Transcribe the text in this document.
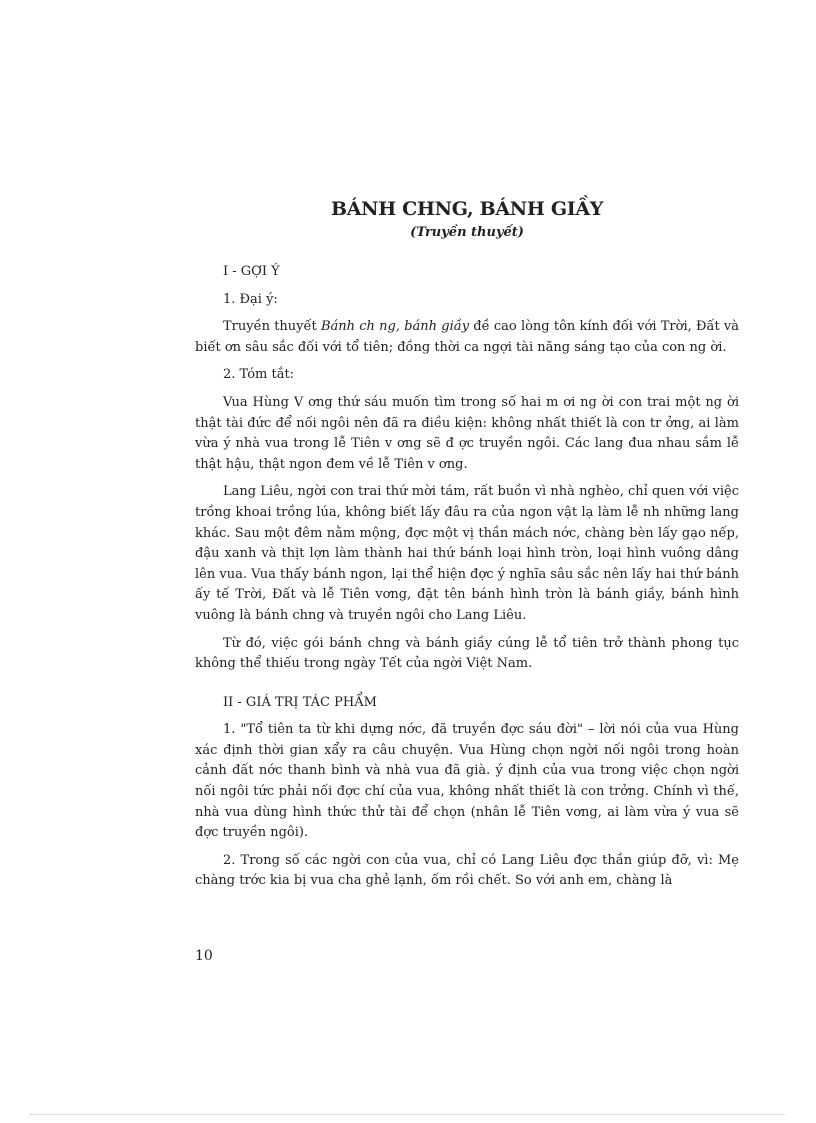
BÁNH CHNG, BÁNH GIẦY
(Truyền thuyết)
I - GỢI Ý
1. Đại ý:

Truyền thuyết Bánh ch ng, bánh giầy đề cao lòng tôn kính đối với Trời, Đất và biết ơn sâu sắc đối với tổ tiên; đồng thời ca ngợi tài năng sáng tạo của con ng ời.

2. Tóm tắt:

Vua Hùng V ơng thứ sáu muốn tìm trong số hai m ơi ng ời con trai một ng ời thật tài đức để nối ngôi nên đã ra điều kiện: không nhất thiết là con tr ởng, ai làm vừa ý nhà vua trong lễ Tiên v ơng sẽ đ ợc truyền ngôi. Các lang đua nhau sắm lễ thật hậu, thật ngon đem về lễ Tiên v ơng.

Lang Liêu, ngời con trai thứ mời tám, rất buồn vì nhà nghèo, chỉ quen với việc trồng khoai trồng lúa, không biết lấy đâu ra của ngon vật lạ làm lễ nh những lang khác. Sau một đêm nằm mộng, đợc một vị thần mách nớc, chàng bèn lấy gạo nếp, đậu xanh và thịt lợn làm thành hai thứ bánh loại hình tròn, loại hình vuông dâng lên vua. Vua thấy bánh ngon, lại thể hiện đợc ý nghĩa sâu sắc nên lấy hai thứ bánh ấy tế Trời, Đất và lễ Tiên vơng, đặt tên bánh hình tròn là bánh giầy, bánh hình vuông là bánh chng và truyền ngôi cho Lang Liêu.

Từ đó, việc gói bánh chng và bánh giầy cúng lễ tổ tiên trở thành phong tục không thể thiếu trong ngày Tết của ngời Việt Nam.

II - GIÁ TRỊ TÁC PHẨM

1. "Tổ tiên ta từ khi dựng nớc, đã truyền đợc sáu đời" – lời nói của vua Hùng xác định thời gian xẩy ra câu chuyện. Vua Hùng chọn ngời nối ngôi trong hoàn cảnh đất nớc thanh bình và nhà vua đã già. ý định của vua trong việc chọn ngời nối ngôi tức phải nối đợc chí của vua, không nhất thiết là con trởng. Chính vì thế, nhà vua dùng hình thức thử tài để chọn (nhân lễ Tiên vơng, ai làm vừa ý vua sẽ đợc truyền ngôi).

2. Trong số các ngời con của vua, chỉ có Lang Liêu đợc thần giúp đỡ, vì: Mẹ chàng trớc kia bị vua cha ghẻ lạnh, ốm rồi chết. So với anh em, chàng là

10
